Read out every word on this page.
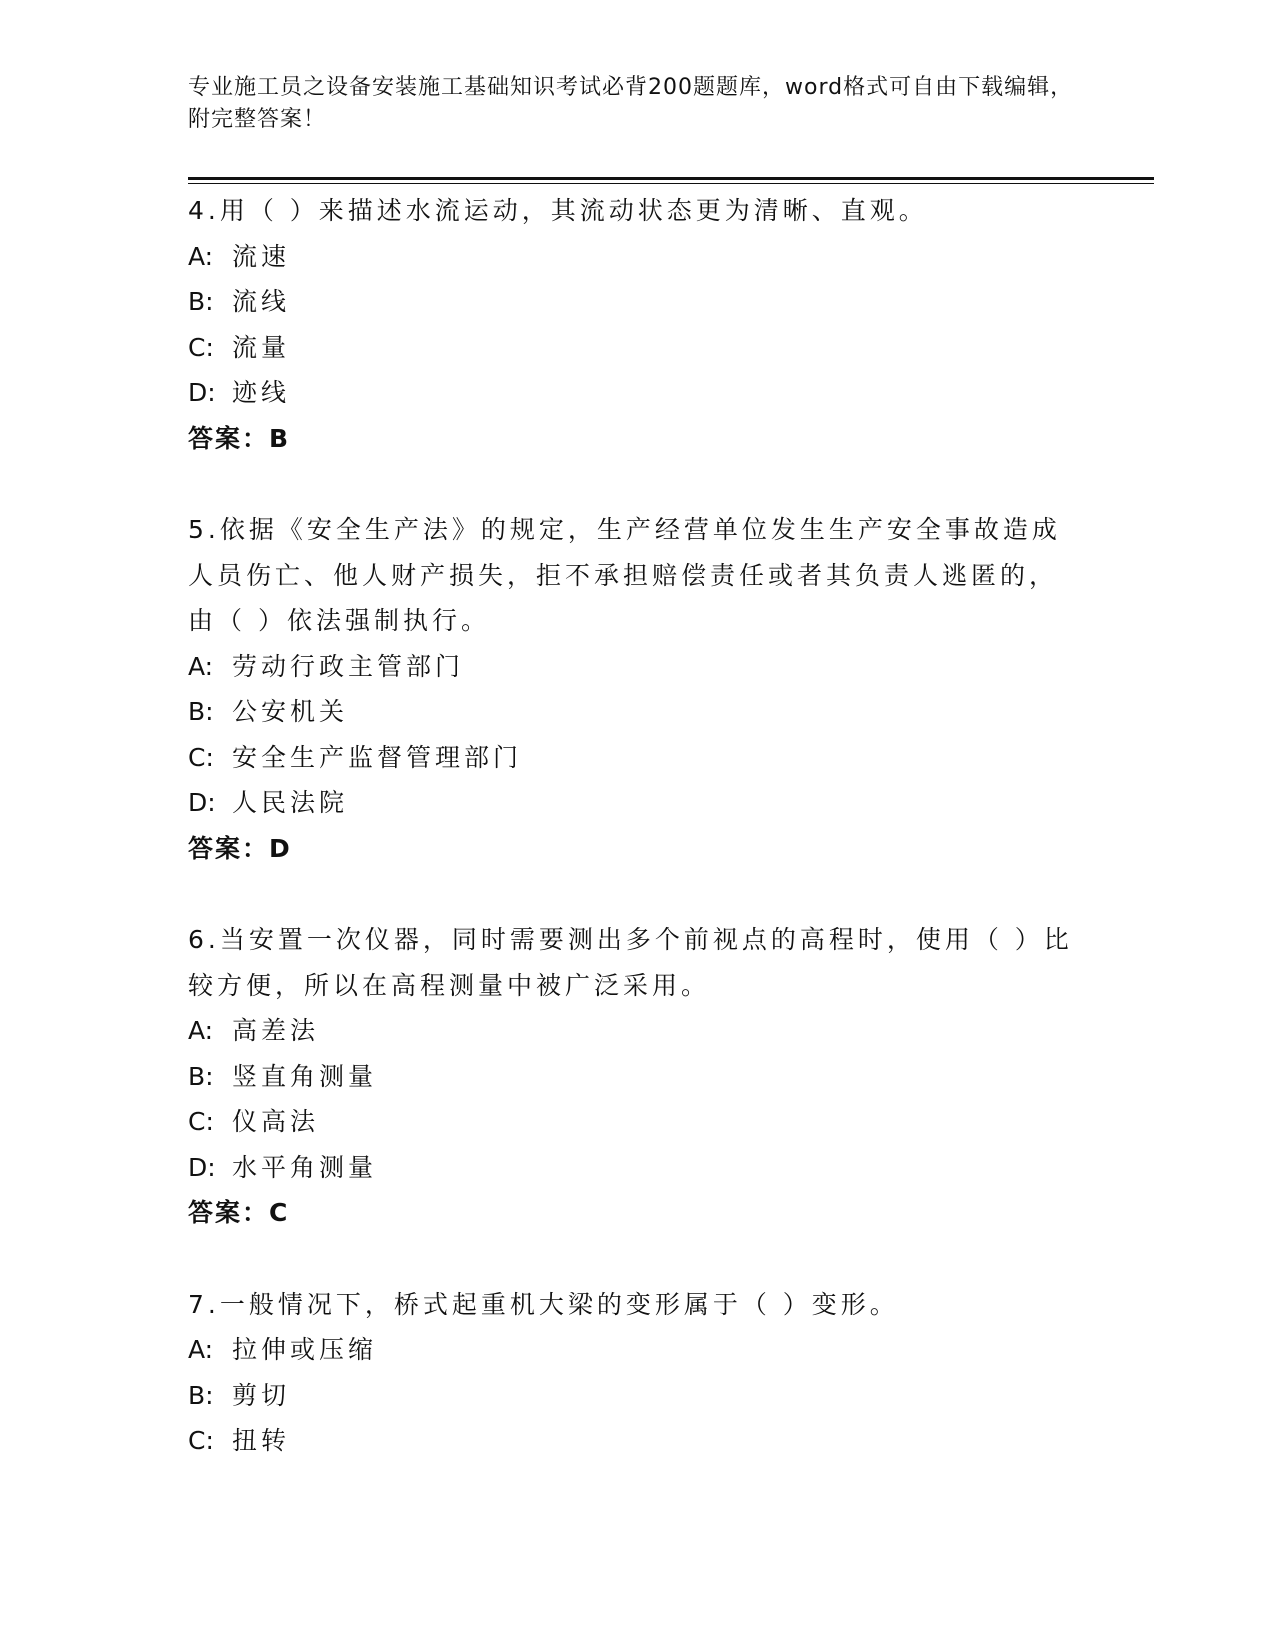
专业施工员之设备安装施工基础知识考试必背200题题库，word格式可自由下载编辑，附完整答案！

4.用（ ）来描述水流运动，其流动状态更为清晰、直观。

A: 流速

B: 流线

C: 流量

D: 迹线

答案：B

5.依据《安全生产法》的规定，生产经营单位发生生产安全事故造成人员伤亡、他人财产损失，拒不承担赔偿责任或者其负责人逃匿的，由（ ）依法强制执行。

A: 劳动行政主管部门

B: 公安机关

C: 安全生产监督管理部门

D: 人民法院

答案：D

6.当安置一次仪器，同时需要测出多个前视点的高程时，使用（ ）比较方便，所以在高程测量中被广泛采用。

A: 高差法

B: 竖直角测量

C: 仪高法

D: 水平角测量

答案：C

7.一般情况下，桥式起重机大梁的变形属于（ ）变形。

A: 拉伸或压缩

B: 剪切

C: 扭转
